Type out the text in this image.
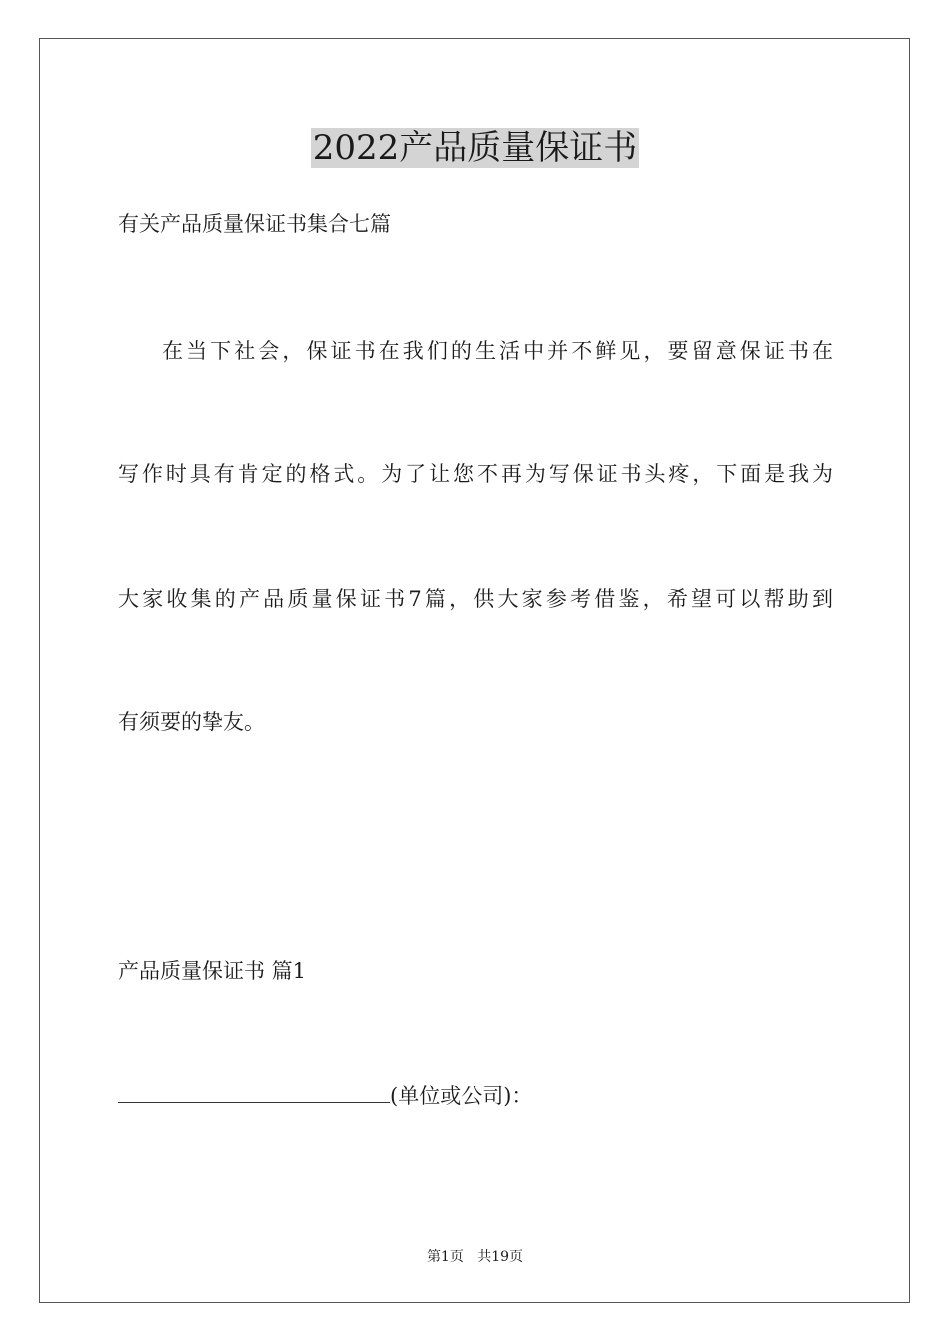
2022产品质量保证书
有关产品质量保证书集合七篇
在当下社会，保证书在我们的生活中并不鲜见，要留意保证书在
写作时具有肯定的格式。为了让您不再为写保证书头疼，下面是我为
大家收集的产品质量保证书7篇，供大家参考借鉴，希望可以帮助到
有须要的挚友。
产品质量保证书 篇1
(单位或公司)：
第1页 共19页
